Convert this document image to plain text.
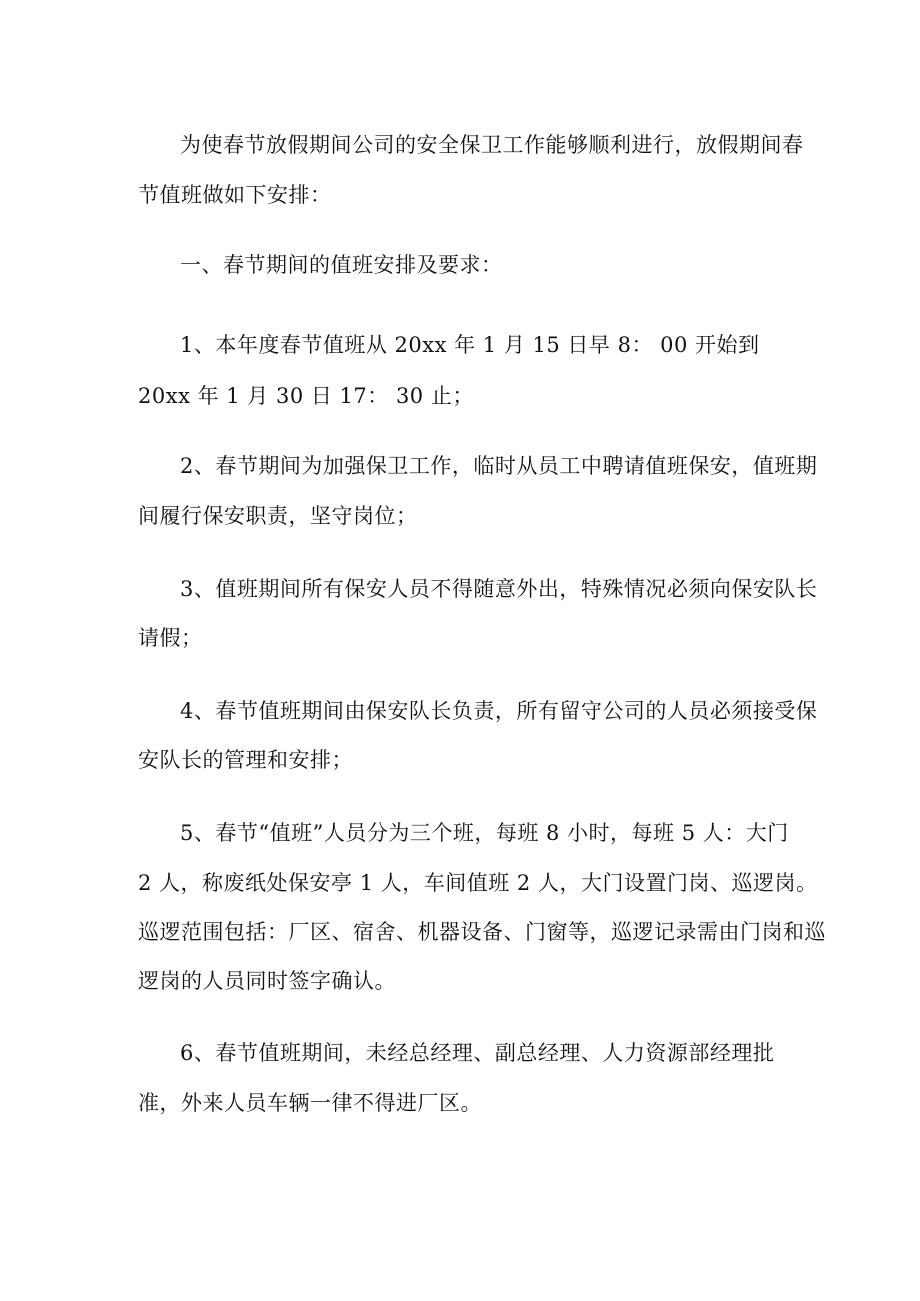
为使春节放假期间公司的安全保卫工作能够顺利进行，放假期间春
节值班做如下安排：
一、春节期间的值班安排及要求：
1、本年度春节值班从 20xx 年 1 月 15 日早 8： 00 开始到
20xx 年 1 月 30 日 17： 30 止；
2、春节期间为加强保卫工作，临时从员工中聘请值班保安，值班期
间履行保安职责，坚守岗位；
3、值班期间所有保安人员不得随意外出，特殊情况必须向保安队长
请假；
4、春节值班期间由保安队长负责，所有留守公司的人员必须接受保
安队长的管理和安排；
5、春节“值班”人员分为三个班，每班 8 小时，每班 5 人：大门
2 人，称废纸处保安亭 1 人，车间值班 2 人，大门设置门岗、巡逻岗。
巡逻范围包括：厂区、宿舍、机器设备、门窗等，巡逻记录需由门岗和巡
逻岗的人员同时签字确认。
6、春节值班期间，未经总经理、副总经理、人力资源部经理批
准，外来人员车辆一律不得进厂区。
